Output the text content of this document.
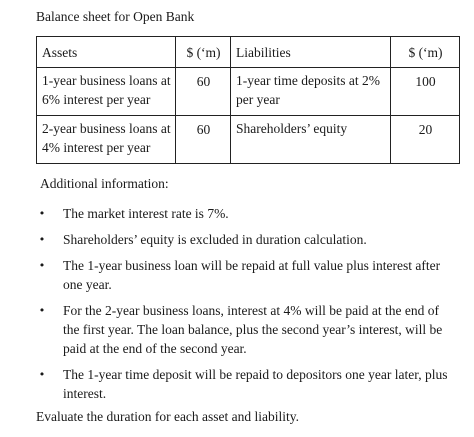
Balance sheet for Open Bank
Assets	$ (‘m)	Liabilities	$ (‘m)
1-year business loans at 6% interest per year	60	1-year time deposits at 2% per year	100
2-year business loans at 4% interest per year	60	Shareholders’ equity	20
Additional information:
• The market interest rate is 7%.
• Shareholders’ equity is excluded in duration calculation.
• The 1-year business loan will be repaid at full value plus interest after one year.
• For the 2-year business loans, interest at 4% will be paid at the end of the first year. The loan balance, plus the second year’s interest, will be paid at the end of the second year.
• The 1-year time deposit will be repaid to depositors one year later, plus interest.
Evaluate the duration for each asset and liability.
